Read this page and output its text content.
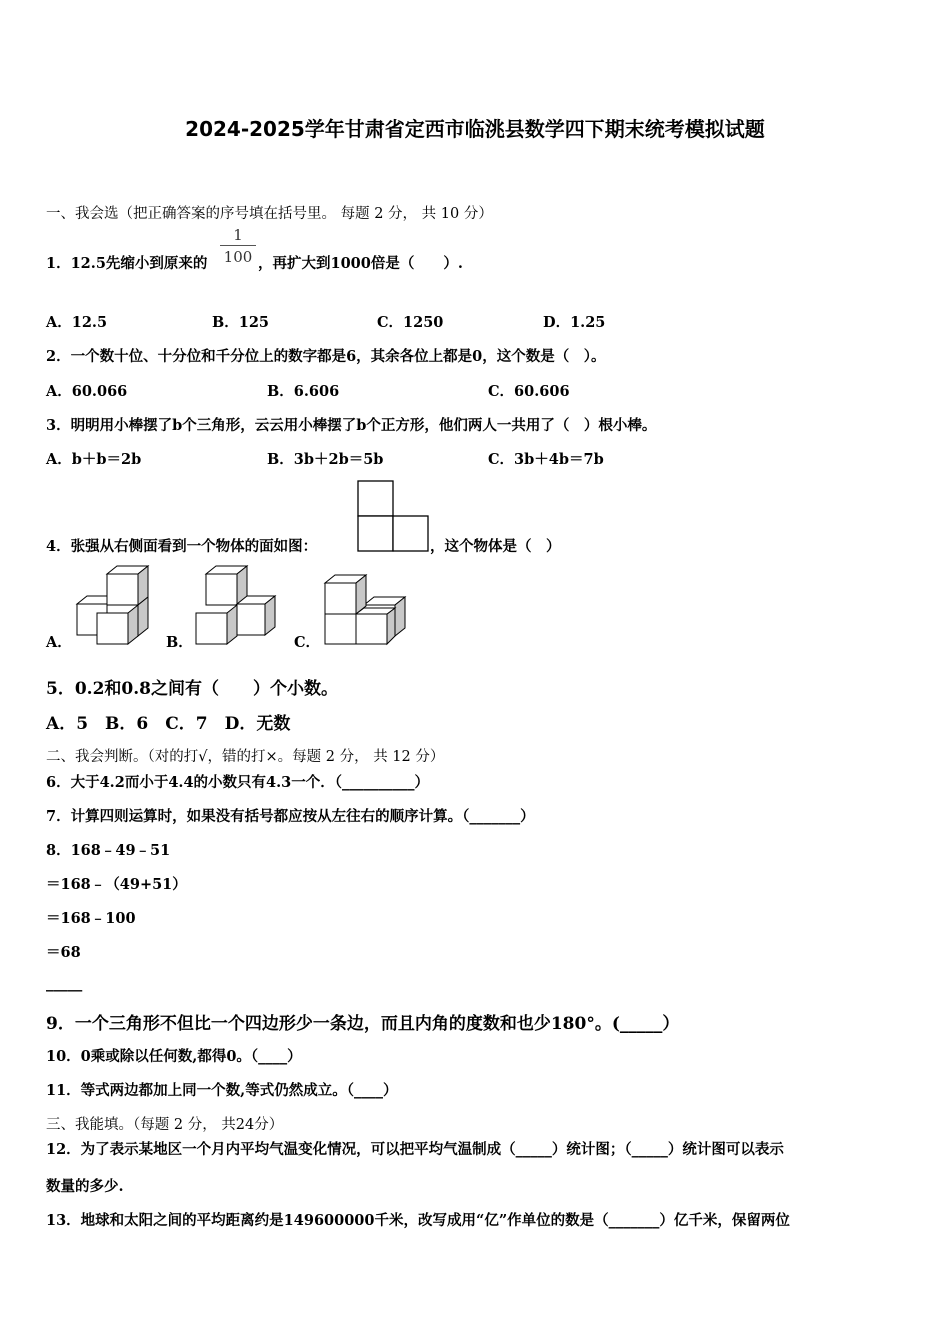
2024-2025学年甘肃省定西市临洮县数学四下期末统考模拟试题
一、我会选（把正确答案的序号填在括号里。 每题 2 分， 共 10 分）
1．12.5先缩小到原来的
1
100 ，再扩大到1000倍是（　　）.
A．12.5	B．125	C．1250	D．1.25
2．一个数十位、十分位和千分位上的数字都是6，其余各位上都是0，这个数是（　）。
A．60.066	B．6.606	C．60.606
3．明明用小棒摆了b个三角形，云云用小棒摆了b个正方形，他们两人一共用了（　）根小棒。
A．b＋b＝2b	B．3b＋2b＝5b	C．3b＋4b＝7b
4．张强从右侧面看到一个物体的面如图：	，这个物体是（　）
A．	B．	C．
5．0.2和0.8之间有（　　）个小数。
A．5　B．6　C．7　D．无数
二、我会判断。（对的打√，错的打×。每题 2 分， 共 12 分）
6．大于4.2而小于4.4的小数只有4.3一个．（__________）
7．计算四则运算时，如果没有括号都应按从左往右的顺序计算。（_______）
8．168﹣49﹣51
＝168﹣（49+51）
＝168﹣100
＝68
_____
9．一个三角形不但比一个四边形少一条边，而且内角的度数和也少180°。(_____）
10．0乘或除以任何数,都得0。（____）
11．等式两边都加上同一个数,等式仍然成立。（____）
三、我能填。（每题 2 分， 共24分）
12．为了表示某地区一个月内平均气温变化情况，可以把平均气温制成（_____）统计图；（_____）统计图可以表示
数量的多少.
13．地球和太阳之间的平均距离约是149600000千米，改写成用“亿”作单位的数是（_______）亿千米，保留两位
